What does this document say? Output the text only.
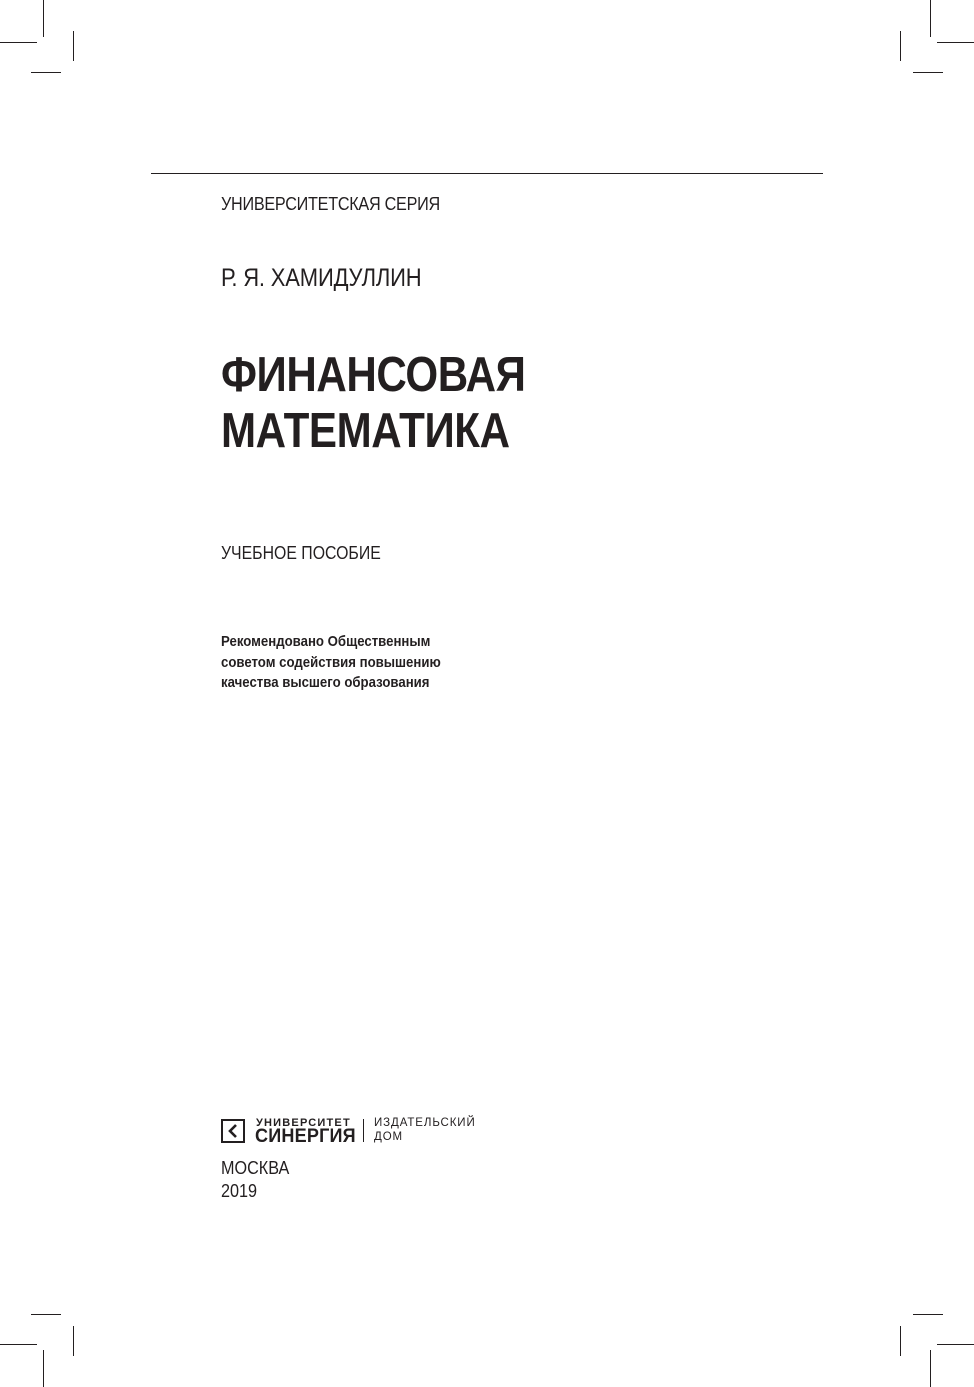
УНИВЕРСИТЕТСКАЯ СЕРИЯ
Р. Я. ХАМИДУЛЛИН
ФИНАНСОВАЯ
МАТЕМАТИКА
УЧЕБНОЕ ПОСОБИЕ
Рекомендовано Общественным
советом содействия повышению
качества высшего образования
УНИВЕРСИТЕТ
СИНЕРГИЯ
ИЗДАТЕЛЬСКИЙ
ДОМ
МОСКВА
2019
